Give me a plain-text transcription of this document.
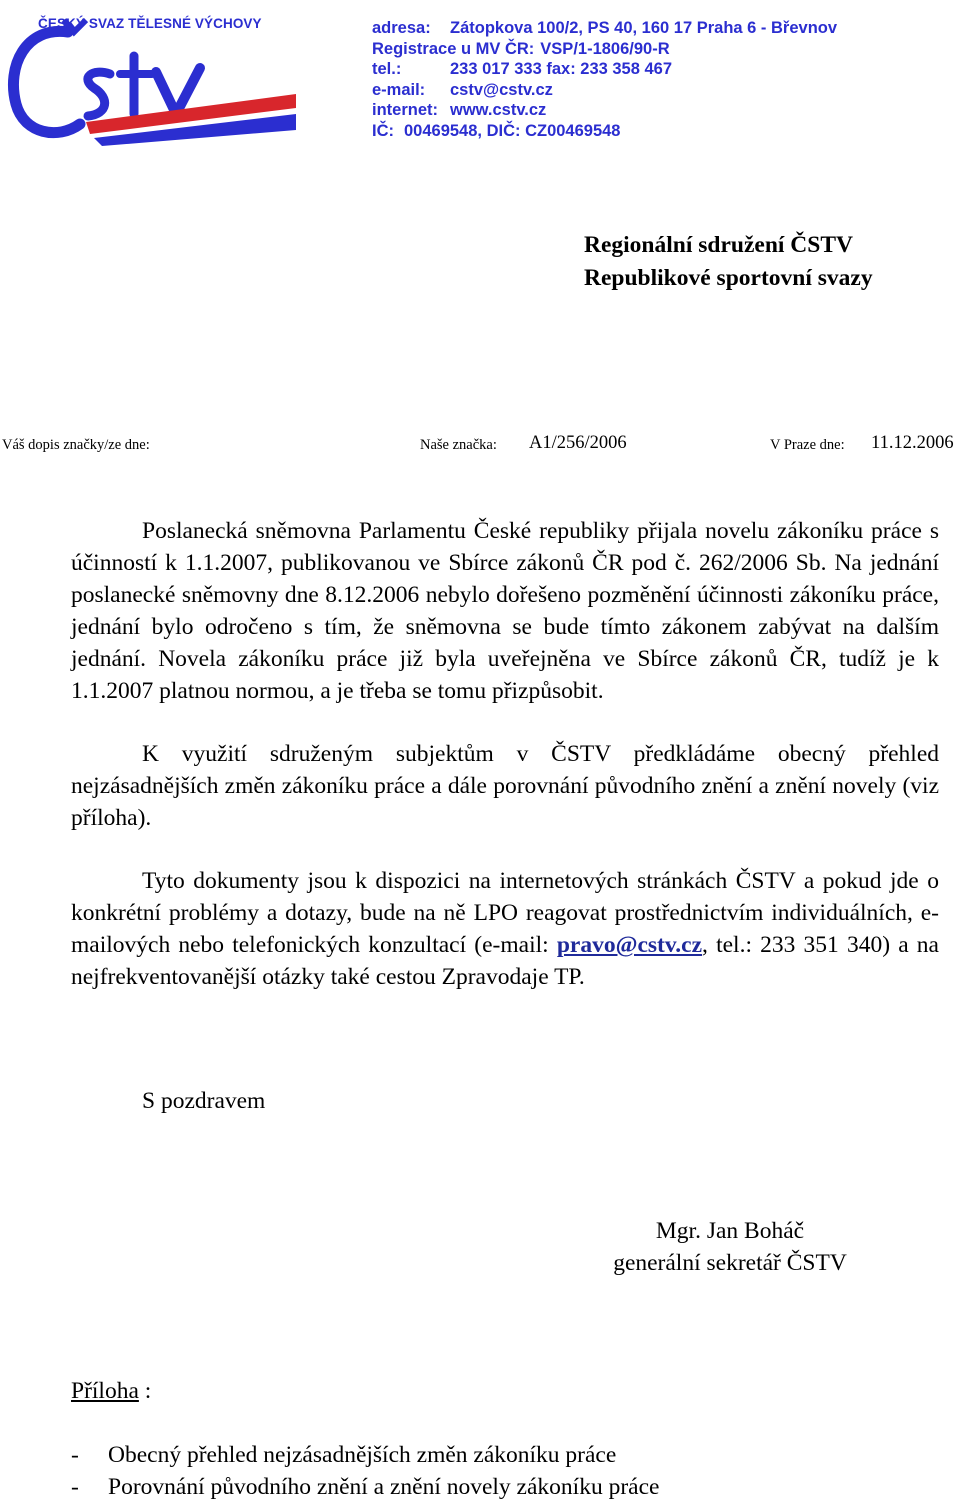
ČESKÝ SVAZ TĚLESNÉ VÝCHOVY	adresa: Zátopkova 100/2, PS 40, 160 17 Praha 6 - Břevnov
Registrace u MV ČR: VSP/1-1806/90-R
tel.:	233 017 333 fax: 233 358 467
e-mail: cstv@cstv.cz
internet: www.cstv.cz
IČ: 00469548, DIČ: CZ00469548
Regionální sdružení ČSTV
Republikové sportovní svazy
Váš dopis značky/ze dne:	Naše značka: A1/256/2006	V Praze dne: 11.12.2006

Poslanecká sněmovna Parlamentu České republiky přijala novelu zákoníku práce s účinností k 1.1.2007, publikovanou ve Sbírce zákonů ČR pod č. 262/2006 Sb. Na jednání poslanecké sněmovny dne 8.12.2006 nebylo dořešeno pozměnění účinnosti zákoníku práce, jednání bylo odročeno s tím, že sněmovna se bude tímto zákonem zabývat na dalším jednání. Novela zákoníku práce již byla uveřejněna ve Sbírce zákonů ČR, tudíž je k 1.1.2007 platnou normou, a je třeba se tomu přizpůsobit.

K využití sdruženým subjektům v ČSTV předkládáme obecný přehled nejzásadnějších změn zákoníku práce a dále porovnání původního znění a znění novely (viz příloha).

Tyto dokumenty jsou k dispozici na internetových stránkách ČSTV a pokud jde o konkrétní problémy a dotazy, bude na ně LPO reagovat prostřednictvím individuálních, e-mailových nebo telefonických konzultací (e-mail: pravo@cstv.cz, tel.: 233 351 340) a na nejfrekventovanější otázky také cestou Zpravodaje TP.

S pozdravem
Mgr. Jan Boháč
generální sekretář ČSTV
Příloha :
- Obecný přehled nejzásadnějších změn zákoníku práce
- Porovnání původního znění a znění novely zákoníku práce
